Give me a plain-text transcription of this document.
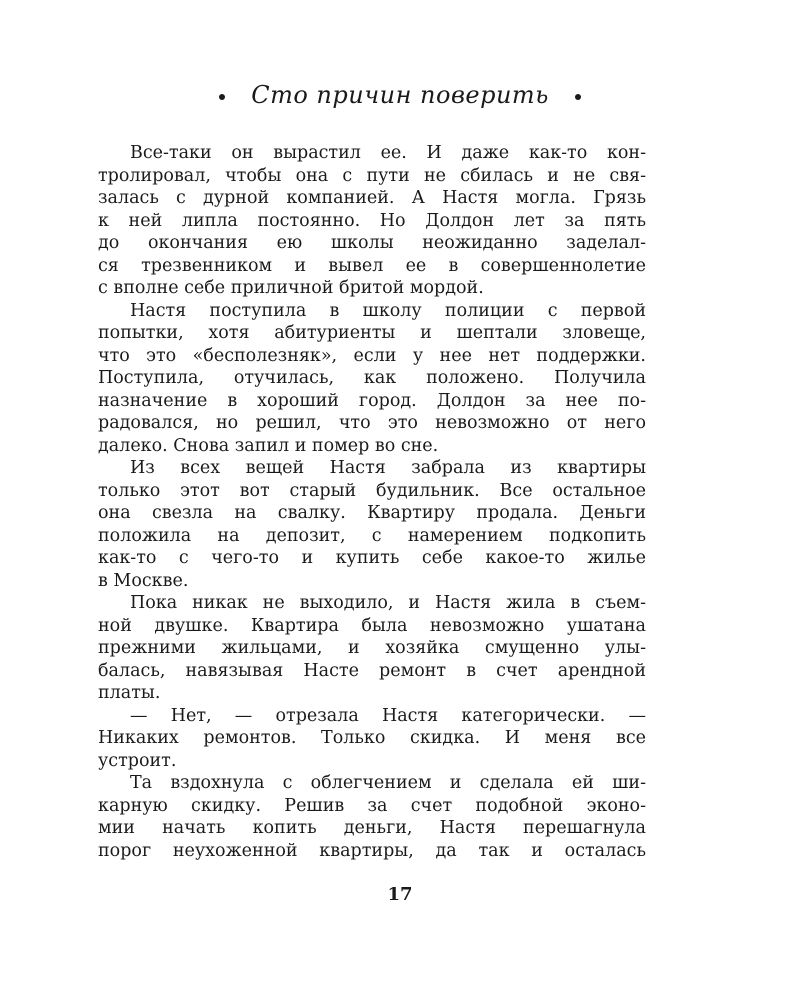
Сто причин поверить
Все-таки он вырастил ее. И даже как-то кон-
тролировал, чтобы она с пути не сбилась и не свя-
залась с дурной компанией. А Настя могла. Грязь
к ней липла постоянно. Но Долдон лет за пять
до окончания ею школы неожиданно заделал-
ся трезвенником и вывел ее в совершеннолетие
с вполне себе приличной бритой мордой.
Настя поступила в школу полиции с первой
попытки, хотя абитуриенты и шептали зловеще,
что это «бесполезняк», если у нее нет поддержки.
Поступила, отучилась, как положено. Получила
назначение в хороший город. Долдон за нее по-
радовался, но решил, что это невозможно от него
далеко. Снова запил и помер во сне.
Из всех вещей Настя забрала из квартиры
только этот вот старый будильник. Все остальное
она свезла на свалку. Квартиру продала. Деньги
положила на депозит, с намерением подкопить
как-то с чего-то и купить себе какое-то жилье
в Москве.
Пока никак не выходило, и Настя жила в съем-
ной двушке. Квартира была невозможно ушатана
прежними жильцами, и хозяйка смущенно улы-
балась, навязывая Насте ремонт в счет арендной
платы.
— Нет, — отрезала Настя категорически. —
Никаких ремонтов. Только скидка. И меня все
устроит.
Та вздохнула с облегчением и сделала ей ши-
карную скидку. Решив за счет подобной эконо-
мии начать копить деньги, Настя перешагнула
порог неухоженной квартиры, да так и осталась
17
